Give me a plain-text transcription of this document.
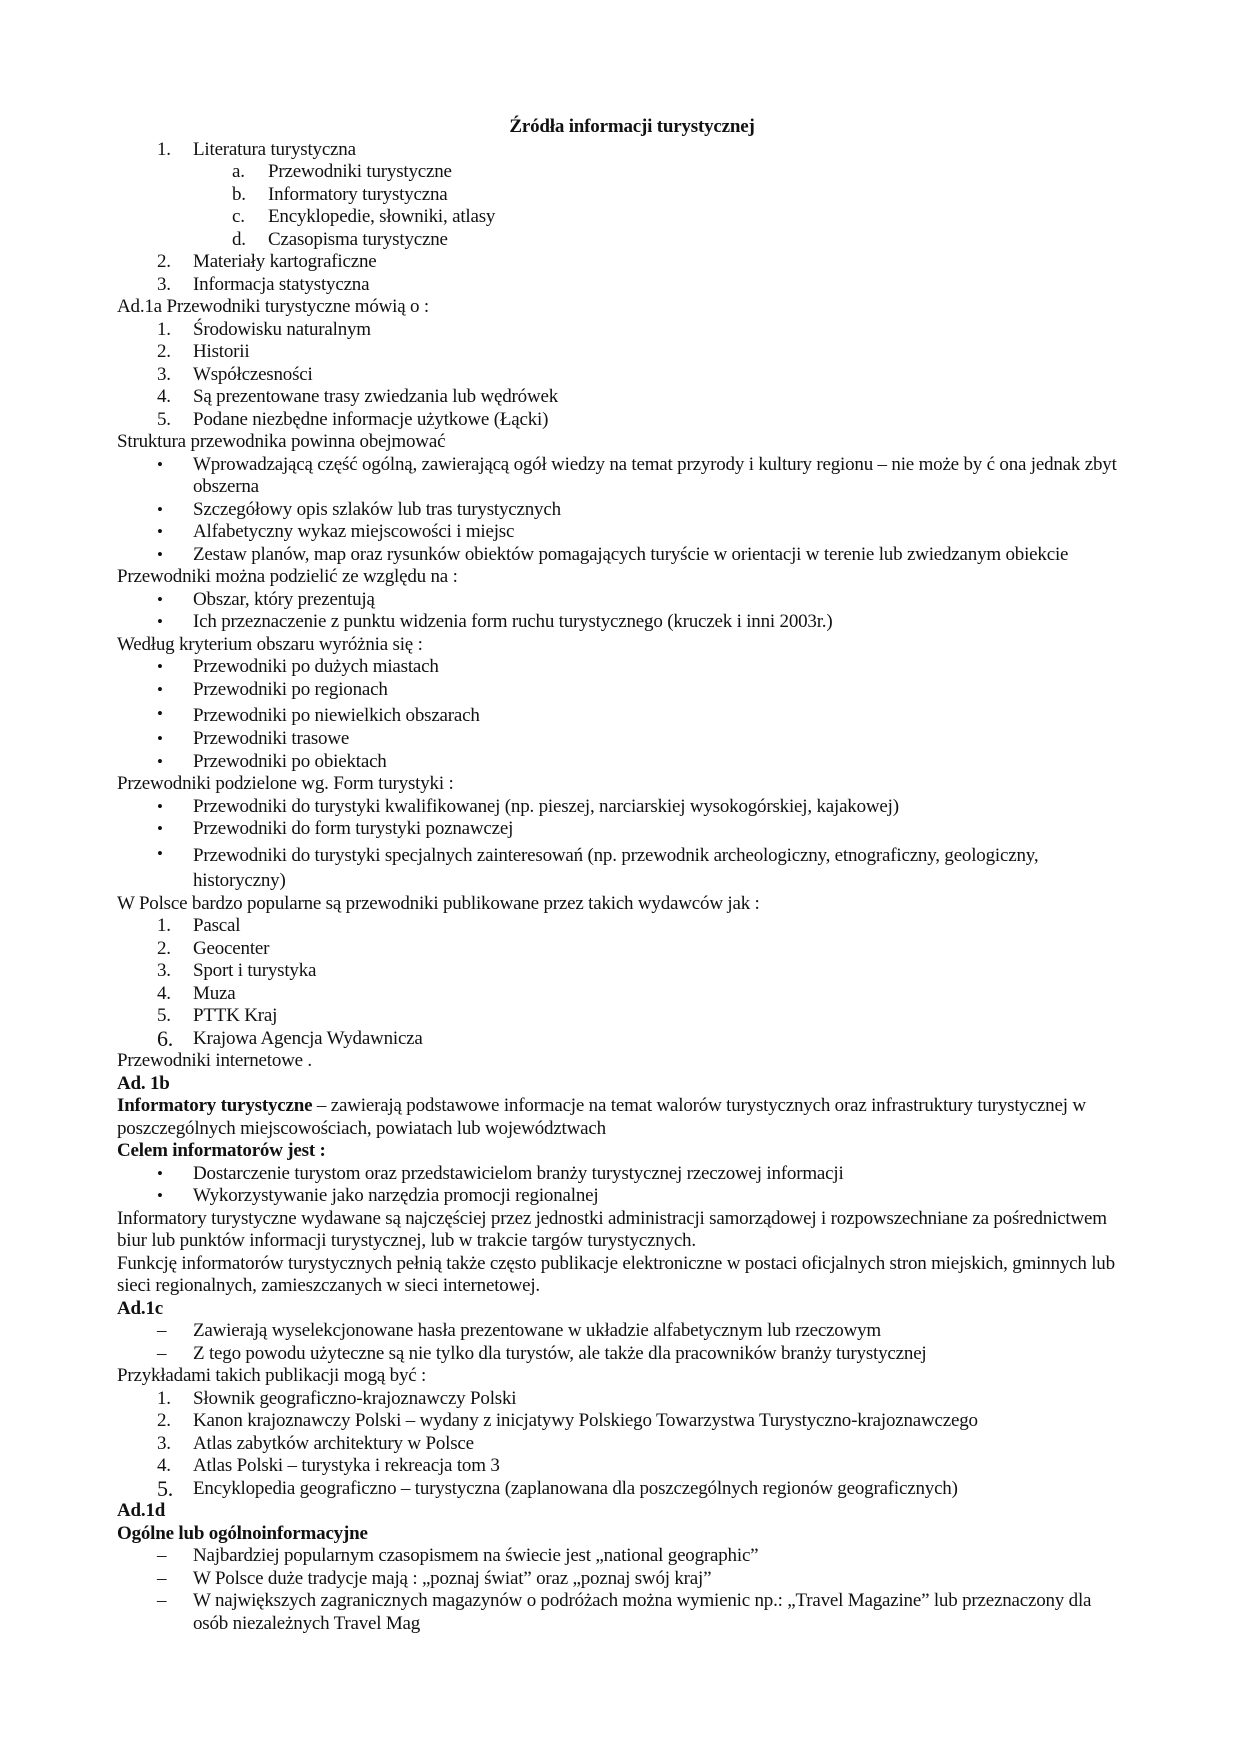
Źródła informacji turystycznej
1. Literatura turystyczna
a. Przewodniki turystyczne
b. Informatory turystyczna
c. Encyklopedie, słowniki, atlasy
d. Czasopisma turystyczne
2. Materiały kartograficzne
3. Informacja statystyczna
Ad.1a Przewodniki turystyczne mówią o :
1. Środowisku naturalnym
2. Historii
3. Współczesności
4. Są prezentowane trasy zwiedzania lub wędrówek
5. Podane niezbędne informacje użytkowe (Łącki)
Struktura przewodnika powinna obejmować
• Wprowadzającą część ogólną, zawierającą ogół wiedzy na temat przyrody i kultury regionu – nie może by ć ona jednak zbyt obszerna
• Szczegółowy opis szlaków lub tras turystycznych
• Alfabetyczny wykaz miejscowości i miejsc
• Zestaw planów, map oraz rysunków obiektów pomagających turyście w orientacji w terenie lub zwiedzanym obiekcie
Przewodniki można podzielić ze względu na :
• Obszar, który prezentują
• Ich przeznaczenie z punktu widzenia form ruchu turystycznego (kruczek i inni 2003r.)
Według kryterium obszaru wyróżnia się :
• Przewodniki po dużych miastach
• Przewodniki po regionach
• Przewodniki po niewielkich obszarach
• Przewodniki trasowe
• Przewodniki po obiektach
Przewodniki podzielone wg. Form turystyki :
• Przewodniki do turystyki kwalifikowanej (np. pieszej, narciarskiej wysokogórskiej, kajakowej)
• Przewodniki do form turystyki poznawczej
• Przewodniki do turystyki specjalnych zainteresowań (np. przewodnik archeologiczny, etnograficzny, geologiczny, historyczny)
W Polsce bardzo popularne są przewodniki publikowane przez takich wydawców jak :
1. Pascal
2. Geocenter
3. Sport i turystyka
4. Muza
5. PTTK Kraj
6. Krajowa Agencja Wydawnicza
Przewodniki internetowe .
Ad. 1b
Informatory turystyczne – zawierają podstawowe informacje na temat walorów turystycznych oraz infrastruktury turystycznej w poszczególnych miejscowościach, powiatach lub województwach
Celem informatorów jest :
• Dostarczenie turystom oraz przedstawicielom branży turystycznej rzeczowej informacji
• Wykorzystywanie jako narzędzia promocji regionalnej
Informatory turystyczne wydawane są najczęściej przez jednostki administracji samorządowej i rozpowszechniane za pośrednictwem biur lub punktów informacji turystycznej, lub w trakcie targów turystycznych.
Funkcję informatorów turystycznych pełnią także często publikacje elektroniczne w postaci oficjalnych stron miejskich, gminnych lub sieci regionalnych, zamieszczanych w sieci internetowej.
Ad.1c
– Zawierają wyselekcjonowane hasła prezentowane w układzie alfabetycznym lub rzeczowym
– Z tego powodu użyteczne są nie tylko dla turystów, ale także dla pracowników branży turystycznej
Przykładami takich publikacji mogą być :
1. Słownik geograficzno-krajoznawczy Polski
2. Kanon krajoznawczy Polski – wydany z inicjatywy Polskiego Towarzystwa Turystyczno-krajoznawczego
3. Atlas zabytków architektury w Polsce
4. Atlas Polski – turystyka i rekreacja tom 3
5. Encyklopedia geograficzno – turystyczna (zaplanowana dla poszczególnych regionów geograficznych)
Ad.1d
Ogólne lub ogólnoinformacyjne
– Najbardziej popularnym czasopismem na świecie jest „national geographic”
– W Polsce duże tradycje mają : „poznaj świat” oraz „poznaj swój kraj”
– W największych zagranicznych magazynów o podróżach można wymienic np.: „Travel Magazine” lub przeznaczony dla osób niezależnych Travel Mag
